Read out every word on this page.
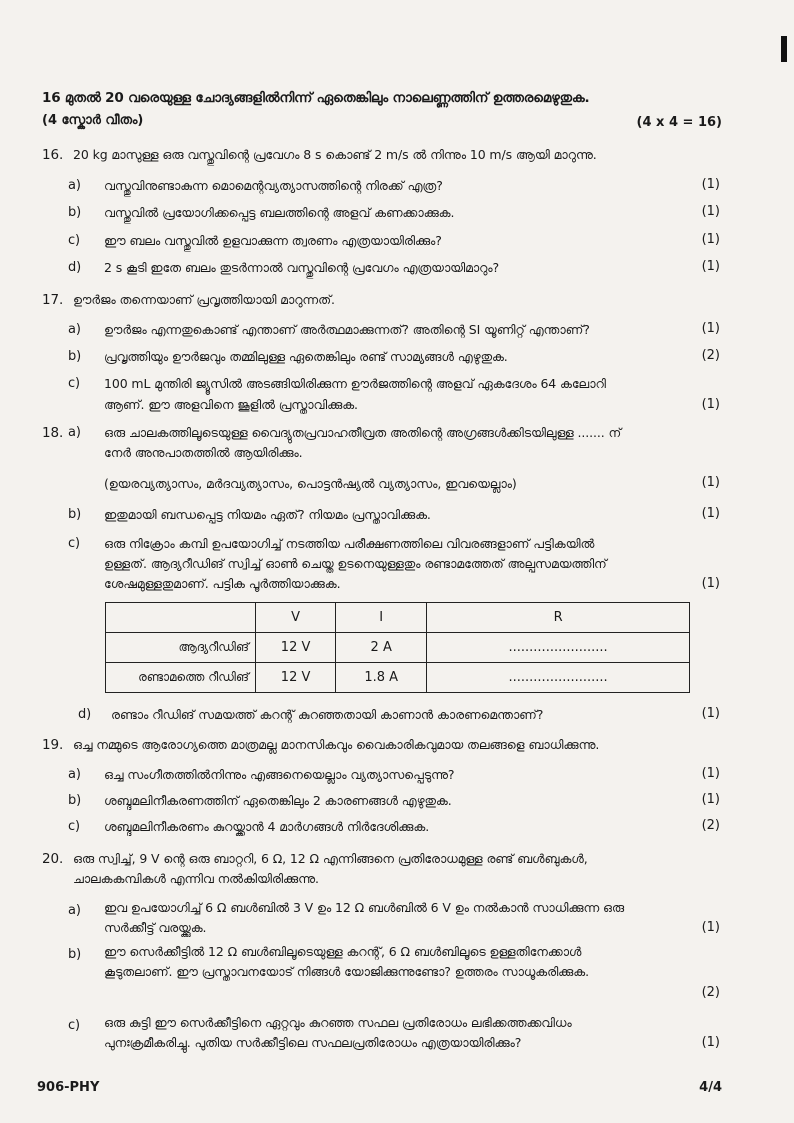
16 മുതൽ 20 വരെയുള്ള ചോദ്യങ്ങളിൽനിന്ന് ഏതെങ്കിലും നാലെണ്ണത്തിന് ഉത്തരമെഴുതുക.
(4 സ്കോർ വീതം)	(4 x 4 = 16)
16. 20 kg മാസുള്ള ഒരു വസ്തുവിന്റെ പ്രവേഗം 8 s കൊണ്ട് 2 m/s ൽ നിന്നും 10 m/s ആയി മാറുന്നു.
a) വസ്തുവിനുണ്ടാകുന്ന മൊമെന്റവ്യത്യാസത്തിന്റെ നിരക്ക് എത്ര?	(1)
b) വസ്തുവിൽ പ്രയോഗിക്കപ്പെട്ട ബലത്തിന്റെ അളവ് കണക്കാക്കുക.	(1)
c) ഈ ബലം വസ്തുവിൽ ഉളവാക്കുന്ന ത്വരണം എത്രയായിരിക്കും?	(1)
d) 2 s കൂടി ഇതേ ബലം തുടർന്നാൽ വസ്തുവിന്റെ പ്രവേഗം എത്രയായിമാറും?	(1)
17. ഊർജം തന്നെയാണ് പ്രവൃത്തിയായി മാറുന്നത്.
a) ഊർജം എന്നതുകൊണ്ട് എന്താണ് അർത്ഥമാക്കുന്നത്? അതിന്റെ SI യൂണിറ്റ് എന്താണ്?	(1)
b) പ്രവൃത്തിയും ഊർജവും തമ്മിലുള്ള ഏതെങ്കിലും രണ്ട് സാമ്യങ്ങൾ എഴുതുക.	(2)
c) 100 mL മുന്തിരി ജ്യൂസിൽ അടങ്ങിയിരിക്കുന്ന ഊർജത്തിന്റെ അളവ് ഏകദേശം 64 കലോറി
ആണ്. ഈ അളവിനെ ജൂളിൽ പ്രസ്താവിക്കുക.	(1)
18. a) ഒരു ചാലകത്തിലൂടെയുള്ള വൈദ്യുതപ്രവാഹതീവ്രത അതിന്റെ അഗ്രങ്ങൾക്കിടയിലുള്ള ....... ന്
നേർ അനുപാതത്തിൽ ആയിരിക്കും.
(ഉയരവ്യത്യാസം, മർദവ്യത്യാസം, പൊട്ടൻഷ്യൽ വ്യത്യാസം, ഇവയെല്ലാം)	(1)
b) ഇതുമായി ബന്ധപ്പെട്ട നിയമം ഏത്? നിയമം പ്രസ്താവിക്കുക.	(1)
c) ഒരു നിക്രോം കമ്പി ഉപയോഗിച്ച് നടത്തിയ പരീക്ഷണത്തിലെ വിവരങ്ങളാണ് പട്ടികയിൽ
ഉള്ളത്. ആദ്യറീഡിങ് സ്വിച്ച് ഓൺ ചെയ്ത ഉടനെയുള്ളതും രണ്ടാമത്തേത് അല്പസമയത്തിന്
ശേഷമുള്ളതുമാണ്. പട്ടിക പൂർത്തിയാക്കുക.	(1)
	V	I	R
ആദ്യറീഡിങ്	12 V	2 A	........................
രണ്ടാമത്തെ റീഡിങ്	12 V	1.8 A	........................
d) രണ്ടാം റീഡിങ് സമയത്ത് കറന്റ് കുറഞ്ഞതായി കാണാൻ കാരണമെന്താണ്?	(1)
19. ഒച്ച നമ്മുടെ ആരോഗ്യത്തെ മാത്രമല്ല മാനസികവും വൈകാരികവുമായ തലങ്ങളെ ബാധിക്കുന്നു.
a) ഒച്ച സംഗീതത്തിൽനിന്നും എങ്ങനെയെല്ലാം വ്യത്യാസപ്പെടുന്നു?	(1)
b) ശബ്ദമലിനീകരണത്തിന് ഏതെങ്കിലും 2 കാരണങ്ങൾ എഴുതുക.	(1)
c) ശബ്ദമലിനീകരണം കുറയ്ക്കാൻ 4 മാർഗങ്ങൾ നിർദേശിക്കുക.	(2)
20. ഒരു സ്വിച്ച്, 9 V ന്റെ ഒരു ബാറ്ററി, 6 Ω, 12 Ω എന്നിങ്ങനെ പ്രതിരോധമുള്ള രണ്ട് ബൾബുകൾ,
ചാലകകമ്പികൾ എന്നിവ നൽകിയിരിക്കുന്നു.
a) ഇവ ഉപയോഗിച്ച് 6 Ω ബൾബിൽ 3 V ഉം 12 Ω ബൾബിൽ 6 V ഉം നൽകാൻ സാധിക്കുന്ന ഒരു
സർക്കീട്ട് വരയ്ക്കുക.	(1)
b) ഈ സെർക്കീട്ടിൽ 12 Ω ബൾബിലൂടെയുള്ള കറന്റ്, 6 Ω ബൾബിലൂടെ ഉള്ളതിനേക്കാൾ
കൂടുതലാണ്. ഈ പ്രസ്താവനയോട് നിങ്ങൾ യോജിക്കുന്നുണ്ടോ? ഉത്തരം സാധൂകരിക്കുക.
(2)
c) ഒരു കുട്ടി ഈ സെർക്കീട്ടിനെ ഏറ്റവും കുറഞ്ഞ സഫല പ്രതിരോധം ലഭിക്കത്തക്കവിധം
പുനഃക്രമീകരിച്ചു. പുതിയ സർക്കീട്ടിലെ സഫലപ്രതിരോധം എത്രയായിരിക്കും?	(1)
906-PHY	4/4
